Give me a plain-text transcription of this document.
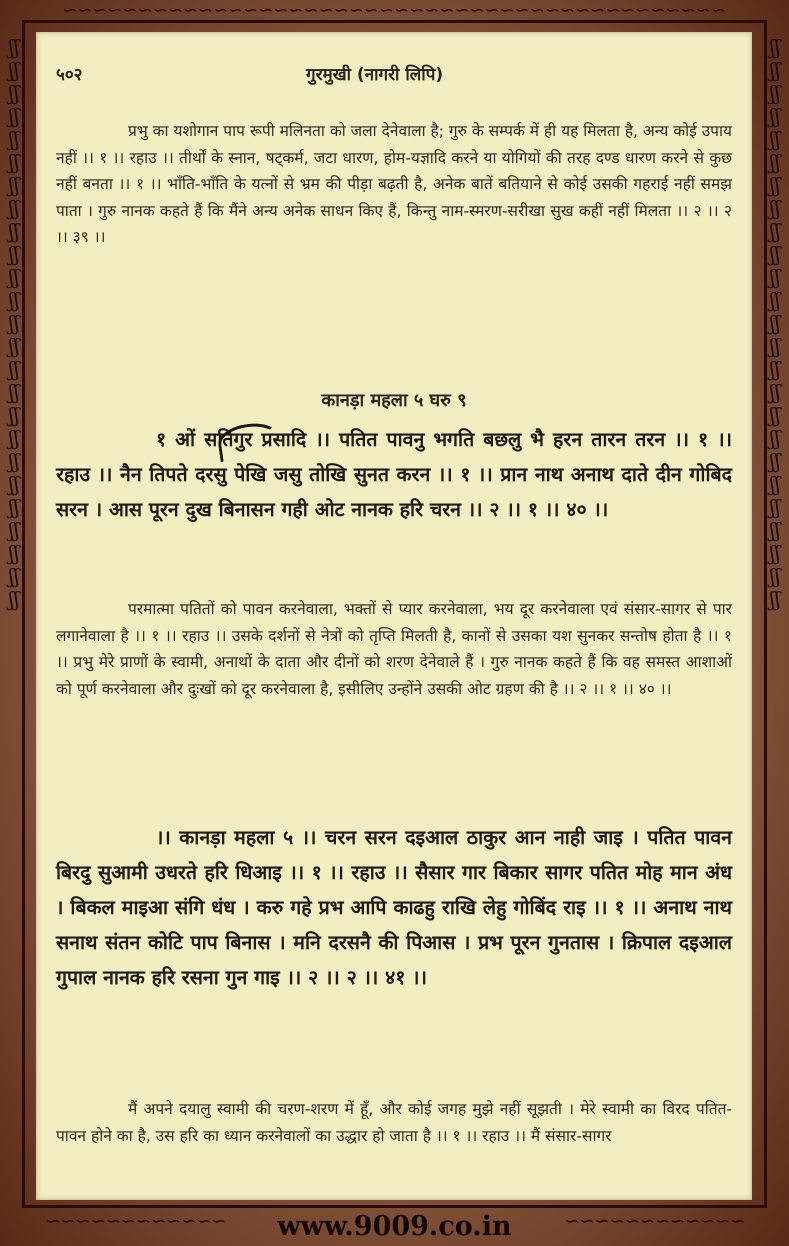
∽∽∽∽∽∽∽∽∽∽∽∽∽∽∽∽∽∽∽∽∽∽∽∽∽∽∽∽∽∽∽∽∽∽∽∽∽∽∽∽∽∽∽∽
ʃʃʃʃʃʃʃʃʃʃʃʃʃʃʃʃʃʃʃʃʃʃʃʃʃʃʃʃʃʃʃʃʃʃʃʃʃʃʃʃʃʃʃʃʃʃʃʃʃʃ
ʃʃʃʃʃʃʃʃʃʃʃʃʃʃʃʃʃʃʃʃʃʃʃʃʃʃʃʃʃʃʃʃʃʃʃʃʃʃʃʃʃʃʃʃʃʃʃʃʃʃ
∽∽∽∽∽∽∽∽∽∽∽∽	∽∽∽∽∽∽∽∽∽∽∽∽
५०२	गुरमुखी (नागरी लिपि)

प्रभु का यशोगान पाप रूपी मलिनता को जला देनेवाला है; गुरु के सम्पर्क में ही यह मिलता है, अन्य कोई उपाय नहीं ।। १ ।। रहाउ ।। तीर्थों के स्नान, षट्कर्म, जटा धारण, होम-यज्ञादि करने या योगियों की तरह दण्ड धारण करने से कुछ नहीं बनता ।। १ ।। भाँति-भाँति के यत्नों से भ्रम की पीड़ा बढ़ती है, अनेक बातें बतियाने से कोई उसकी गहराई नहीं समझ पाता । गुरु नानक कहते हैं कि मैंने अन्य अनेक साधन किए हैं, किन्तु नाम-स्मरण-सरीखा सुख कहीं नहीं मिलता ।। २ ।। २ ।। ३९ ।।

कानड़ा महला ५ घरु ९

१ ओं सतिगुर प्रसादि ।। पतित पावनु भगति बछलु भै हरन तारन तरन ।। १ ।। रहाउ ।। नैन तिपते दरसु पेखि जसु तोखि सुनत करन ।। १ ।। प्रान नाथ अनाथ दाते दीन गोबिद सरन । आस पूरन दुख बिनासन गही ओट नानक हरि चरन ।। २ ।। १ ।। ४० ।।

परमात्मा पतितों को पावन करनेवाला, भक्तों से प्यार करनेवाला, भय दूर करनेवाला एवं संसार-सागर से पार लगानेवाला है ।। १ ।। रहाउ ।। उसके दर्शनों से नेत्रों को तृप्ति मिलती है, कानों से उसका यश सुनकर सन्तोष होता है ।। १ ।। प्रभु मेरे प्राणों के स्वामी, अनाथों के दाता और दीनों को शरण देनेवाले हैं । गुरु नानक कहते हैं कि वह समस्त आशाओं को पूर्ण करनेवाला और दुःखों को दूर करनेवाला है, इसीलिए उन्होंने उसकी ओट ग्रहण की है ।। २ ।। १ ।। ४० ।।

।। कानड़ा महला ५ ।। चरन सरन दइआल ठाकुर आन नाही जाइ । पतित पावन बिरदु सुआमी उधरते हरि धिआइ ।। १ ।। रहाउ ।। सैसार गार बिकार सागर पतित मोह मान अंध । बिकल माइआ संगि धंध । करु गहे प्रभ आपि काढहु राखि लेहु गोबिंद राइ ।। १ ।। अनाथ नाथ सनाथ संतन कोटि पाप बिनास । मनि दरसनै की पिआस । प्रभ पूरन गुनतास । क्रिपाल दइआल गुपाल नानक हरि रसना गुन गाइ ।। २ ।। २ ।। ४१ ।।

मैं अपने दयालु स्वामी की चरण-शरण में हूँ, और कोई जगह मुझे नहीं सूझती । मेरे स्वामी का विरद पतित-पावन होने का है, उस हरि का ध्यान करनेवालों का उद्धार हो जाता है ।। १ ।। रहाउ ।। मैं संसार-सागर

www.9009.co.in
